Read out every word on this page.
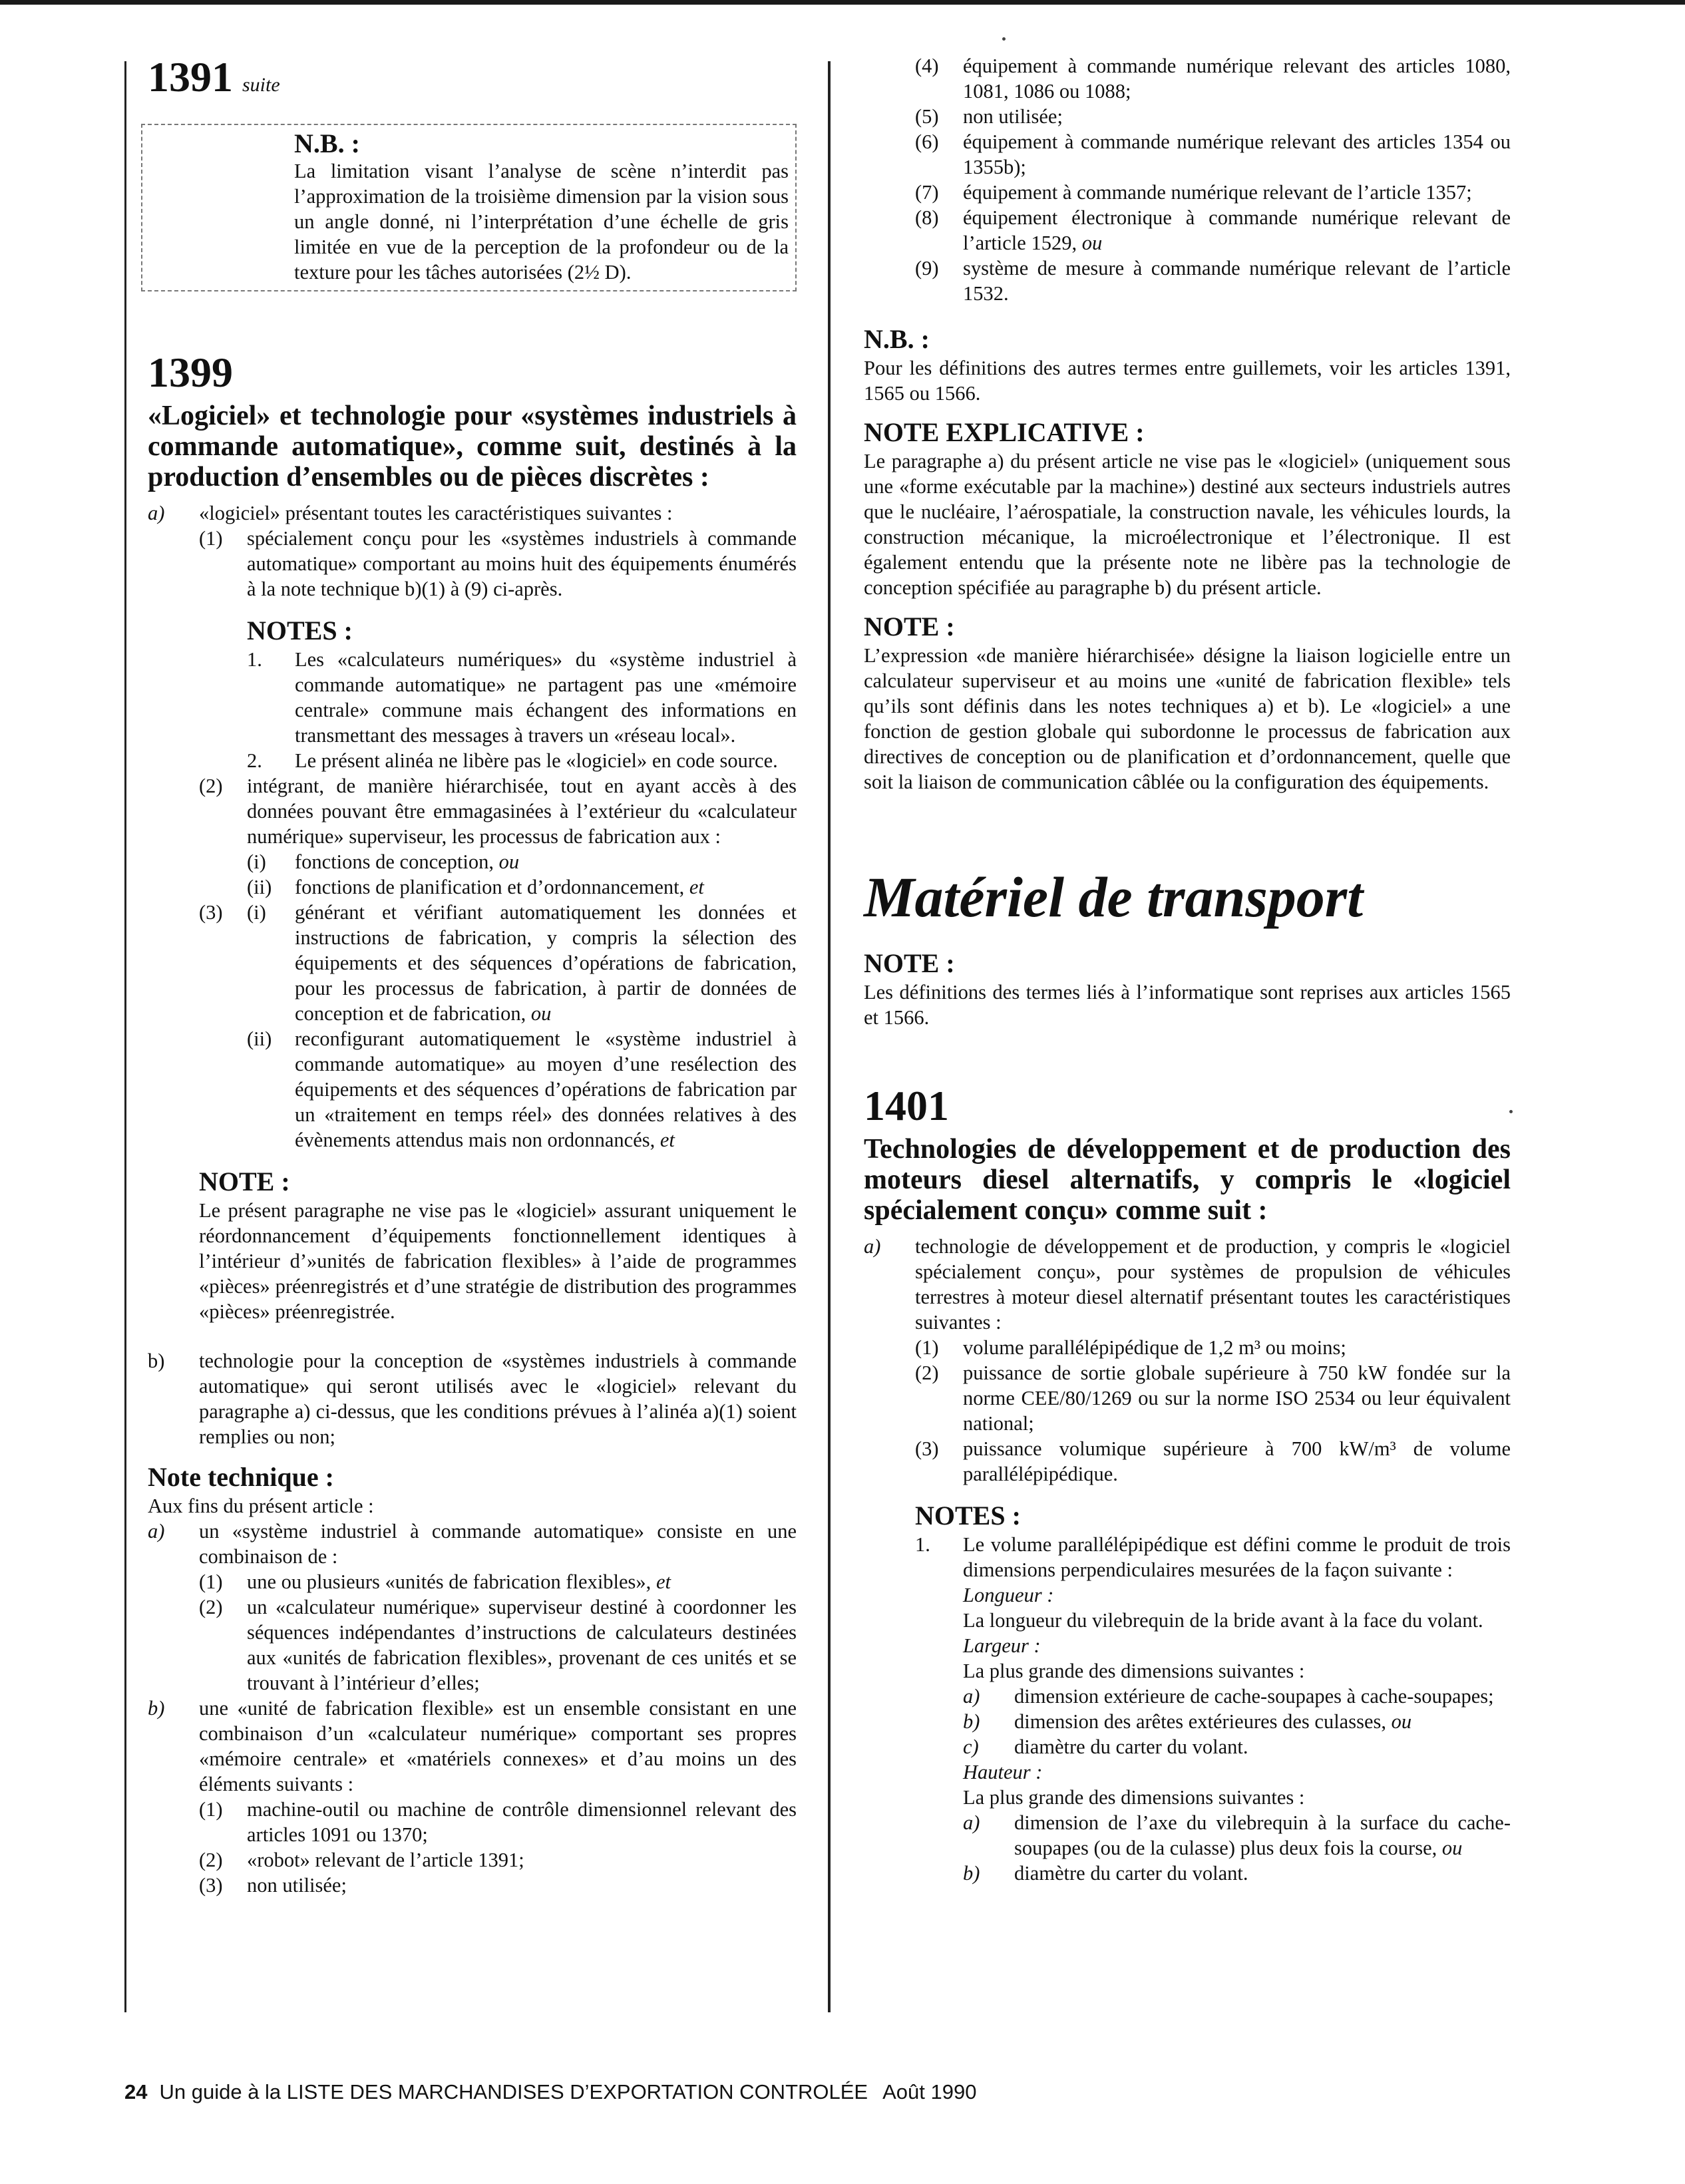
1391 suite
N.B. :
La limitation visant l’analyse de scène n’interdit pas l’approximation de la troisième dimension par la vision sous un angle donné, ni l’interprétation d’une échelle de gris limitée en vue de la perception de la profondeur ou de la texture pour les tâches autorisées (2½ D).
1399
«Logiciel» et technologie pour «systèmes industriels à commande automatique», comme suit, destinés à la production d’ensembles ou de pièces discrètes :
a)	«logiciel» présentant toutes les caractéristiques suivantes :
(1)	spécialement conçu pour les «systèmes industriels à commande automatique» comportant au moins huit des équipements énumérés à la note technique b)(1) à (9) ci-après.
NOTES :
1.	Les «calculateurs numériques» du «système industriel à commande automatique» ne partagent pas une «mémoire centrale» commune mais échangent des informations en transmettant des messages à travers un «réseau local».
2.	Le présent alinéa ne libère pas le «logiciel» en code source.
(2)	intégrant, de manière hiérarchisée, tout en ayant accès à des données pouvant être emmagasinées à l’extérieur du «calculateur numérique» superviseur, les processus de fabrication aux :
(i)	fonctions de conception, ou
(ii)	fonctions de planification et d’ordonnancement, et
(3)	(i)	générant et vérifiant automatiquement les données et instructions de fabrication, y compris la sélection des équipements et des séquences d’opérations de fabrication, pour les processus de fabrication, à partir de données de conception et de fabrication, ou
(ii)	reconfigurant automatiquement le «système industriel à commande automatique» au moyen d’une resélection des équipements et des séquences d’opérations de fabrication par un «traitement en temps réel» des données relatives à des évènements attendus mais non ordonnancés, et
NOTE :
Le présent paragraphe ne vise pas le «logiciel» assurant uniquement le réordonnancement d’équipements fonctionnellement identiques à l’intérieur d’»unités de fabrication flexibles» à l’aide de programmes «pièces» préenregistrés et d’une stratégie de distribution des programmes «pièces» préenregistrée.
b)	technologie pour la conception de «systèmes industriels à commande automatique» qui seront utilisés avec le «logiciel» relevant du paragraphe a) ci-dessus, que les conditions prévues à l’alinéa a)(1) soient remplies ou non;
Note technique :
Aux fins du présent article :
a)	un «système industriel à commande automatique» consiste en une combinaison de :
(1)	une ou plusieurs «unités de fabrication flexibles», et
(2)	un «calculateur numérique» superviseur destiné à coordonner les séquences indépendantes d’instructions de calculateurs destinées aux «unités de fabrication flexibles», provenant de ces unités et se trouvant à l’intérieur d’elles;
b)	une «unité de fabrication flexible» est un ensemble consistant en une combinaison d’un «calculateur numérique» comportant ses propres «mémoire centrale» et «matériels connexes» et d’au moins un des éléments suivants :
(1)	machine-outil ou machine de contrôle dimensionnel relevant des articles 1091 ou 1370;
(2)	«robot» relevant de l’article 1391;
(3)	non utilisée;
(4)	équipement à commande numérique relevant des articles 1080, 1081, 1086 ou 1088;
(5)	non utilisée;
(6)	équipement à commande numérique relevant des articles 1354 ou 1355b);
(7)	équipement à commande numérique relevant de l’article 1357;
(8)	équipement électronique à commande numérique relevant de l’article 1529, ou
(9)	système de mesure à commande numérique relevant de l’article 1532.
N.B. :
Pour les définitions des autres termes entre guillemets, voir les articles 1391, 1565 ou 1566.
NOTE EXPLICATIVE :
Le paragraphe a) du présent article ne vise pas le «logiciel» (uniquement sous une «forme exécutable par la machine») destiné aux secteurs industriels autres que le nucléaire, l’aérospatiale, la construction navale, les véhicules lourds, la construction mécanique, la microélectronique et l’électronique. Il est également entendu que la présente note ne libère pas la technologie de conception spécifiée au paragraphe b) du présent article.
NOTE :
L’expression «de manière hiérarchisée» désigne la liaison logicielle entre un calculateur superviseur et au moins une «unité de fabrication flexible» tels qu’ils sont définis dans les notes techniques a) et b). Le «logiciel» a une fonction de gestion globale qui subordonne le processus de fabrication aux directives de conception ou de planification et d’ordonnancement, quelle que soit la liaison de communication câblée ou la configuration des équipements.
Matériel de transport
NOTE :
Les définitions des termes liés à l’informatique sont reprises aux articles 1565 et 1566.
1401
Technologies de développement et de production des moteurs diesel alternatifs, y compris le «logiciel spécialement conçu» comme suit :
a)	technologie de développement et de production, y compris le «logiciel spécialement conçu», pour systèmes de propulsion de véhicules terrestres à moteur diesel alternatif présentant toutes les caractéristiques suivantes :
(1)	volume parallélépipédique de 1,2 m³ ou moins;
(2)	puissance de sortie globale supérieure à 750 kW fondée sur la norme CEE/80/1269 ou sur la norme ISO 2534 ou leur équivalent national;
(3)	puissance volumique supérieure à 700 kW/m³ de volume parallélépipédique.
NOTES :
1.	Le volume parallélépipédique est défini comme le produit de trois dimensions perpendiculaires mesurées de la façon suivante :
Longueur :
La longueur du vilebrequin de la bride avant à la face du volant.
Largeur :
La plus grande des dimensions suivantes :
a)	dimension extérieure de cache-soupapes à cache-soupapes;
b)	dimension des arêtes extérieures des culasses, ou
c)	diamètre du carter du volant.
Hauteur :
La plus grande des dimensions suivantes :
a)	dimension de l’axe du vilebrequin à la surface du cache-soupapes (ou de la culasse) plus deux fois la course, ou
b)	diamètre du carter du volant.
24 Un guide à la LISTE DES MARCHANDISES D’EXPORTATION CONTROLÉE Août 1990
